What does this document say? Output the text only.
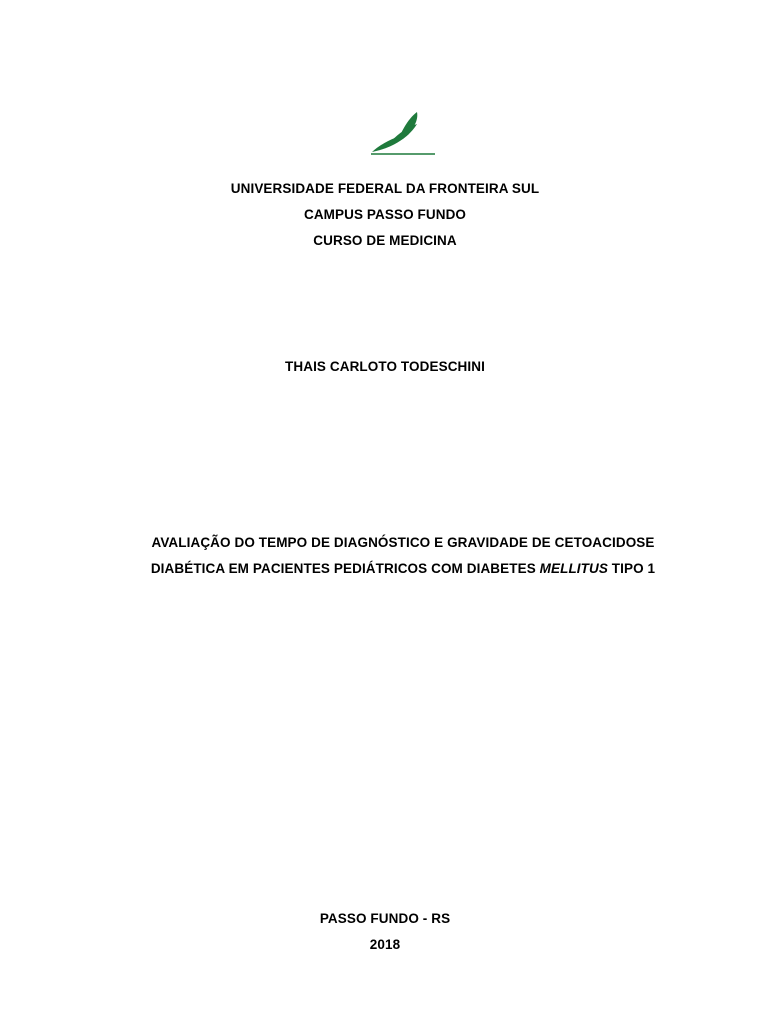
UNIVERSIDADE FEDERAL DA FRONTEIRA SUL
CAMPUS PASSO FUNDO
CURSO DE MEDICINA
THAIS CARLOTO TODESCHINI
AVALIAÇÃO DO TEMPO DE DIAGNÓSTICO E GRAVIDADE DE CETOACIDOSE
DIABÉTICA EM PACIENTES PEDIÁTRICOS COM DIABETES MELLITUS TIPO 1
PASSO FUNDO - RS
2018
